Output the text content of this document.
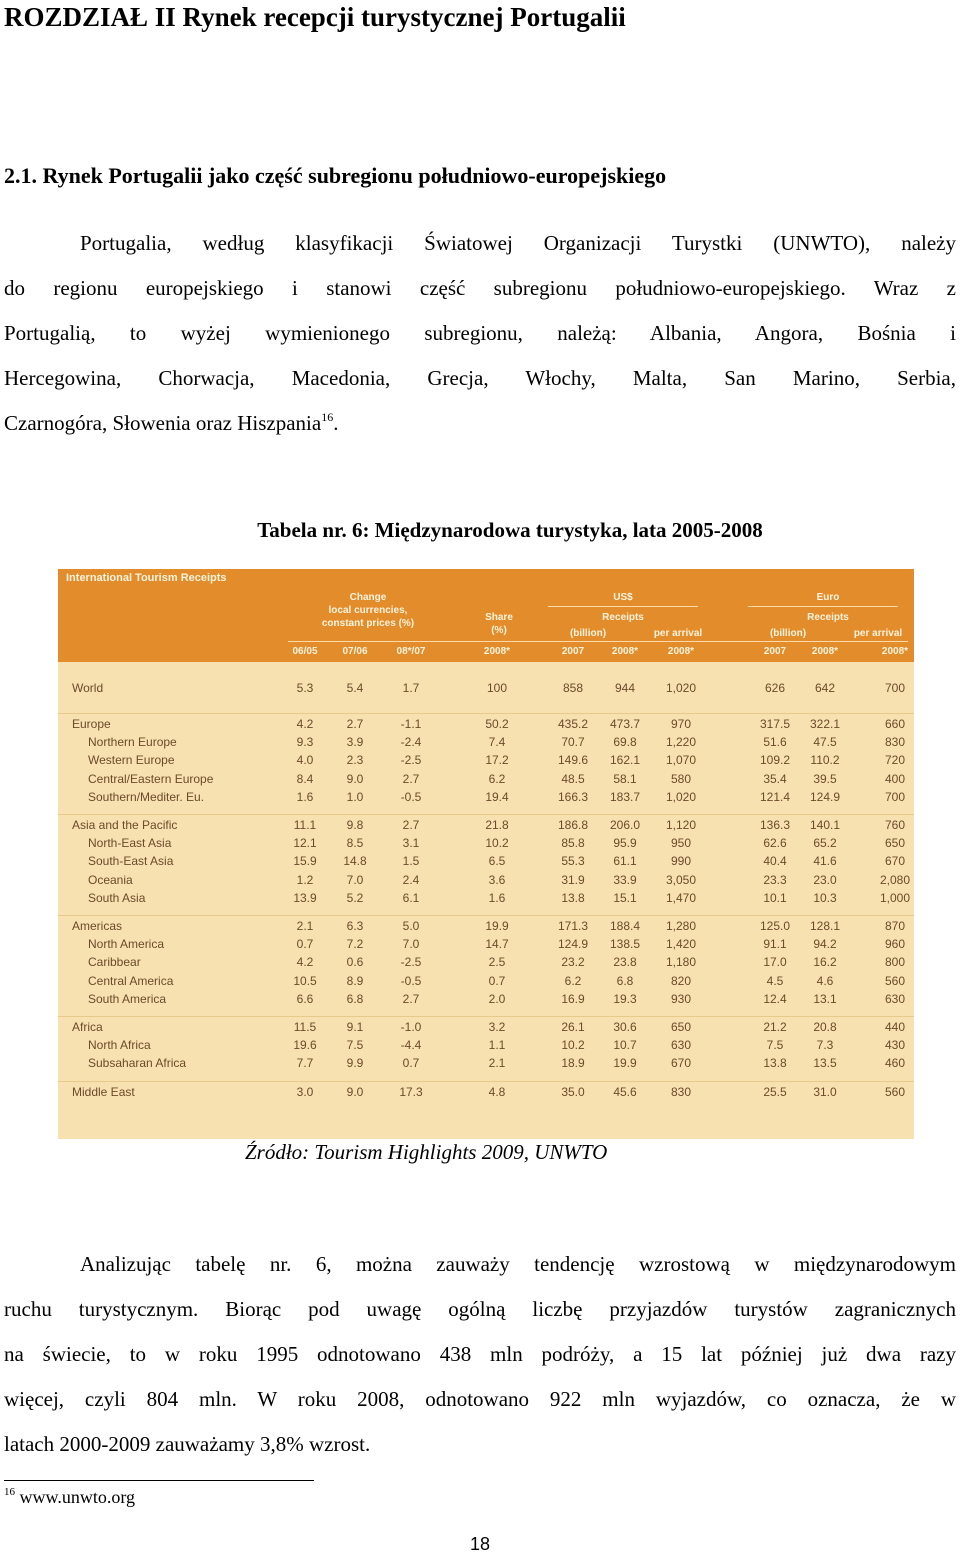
ROZDZIAŁ II Rynek recepcji turystycznej Portugalii
2.1. Rynek Portugalii jako część subregionu południowo-europejskiego
Portugalia, według klasyfikacji Światowej Organizacji Turystki (UNWTO), należy
do regionu europejskiego i stanowi część subregionu południowo-europejskiego. Wraz z
Portugalią, to wyżej wymienionego subregionu, należą: Albania, Angora, Bośnia i
Hercegowina, Chorwacja, Macedonia, Grecja, Włochy, Malta, San Marino, Serbia,
Czarnogóra, Słowenia oraz Hiszpania$^{16}$.
Tabela nr. 6: Międzynarodowa turystyka, lata 2005-2008
International Tourism Receipts
Change
local currencies,
constant prices (%)
Share
(%)
US$
Receipts
(billion)	per arrival
Euro
Receipts
(billion)	per arrival
06/05	07/06	08*/07	2008*	2007	2008*	2008*	2007	2008*	2008*
World	5.3	5.4	1.7	100	858	944	1,020	626	642	700
Europe	4.2	2.7	-1.1	50.2	435.2	473.7	970	317.5	322.1	660
Northern Europe	9.3	3.9	-2.4	7.4	70.7	69.8	1,220	51.6	47.5	830
Western Europe	4.0	2.3	-2.5	17.2	149.6	162.1	1,070	109.2	110.2	720
Central/Eastern Europe	8.4	9.0	2.7	6.2	48.5	58.1	580	35.4	39.5	400
Southern/Mediter. Eu.	1.6	1.0	-0.5	19.4	166.3	183.7	1,020	121.4	124.9	700
Asia and the Pacific	11.1	9.8	2.7	21.8	186.8	206.0	1,120	136.3	140.1	760
North-East Asia	12.1	8.5	3.1	10.2	85.8	95.9	950	62.6	65.2	650
South-East Asia	15.9	14.8	1.5	6.5	55.3	61.1	990	40.4	41.6	670
Oceania	1.2	7.0	2.4	3.6	31.9	33.9	3,050	23.3	23.0	2,080
South Asia	13.9	5.2	6.1	1.6	13.8	15.1	1,470	10.1	10.3	1,000
Americas	2.1	6.3	5.0	19.9	171.3	188.4	1,280	125.0	128.1	870
North America	0.7	7.2	7.0	14.7	124.9	138.5	1,420	91.1	94.2	960
Caribbear	4.2	0.6	-2.5	2.5	23.2	23.8	1,180	17.0	16.2	800
Central America	10.5	8.9	-0.5	0.7	6.2	6.8	820	4.5	4.6	560
South America	6.6	6.8	2.7	2.0	16.9	19.3	930	12.4	13.1	630
Africa	11.5	9.1	-1.0	3.2	26.1	30.6	650	21.2	20.8	440
North Africa	19.6	7.5	-4.4	1.1	10.2	10.7	630	7.5	7.3	430
Subsaharan Africa	7.7	9.9	0.7	2.1	18.9	19.9	670	13.8	13.5	460
Middle East	3.0	9.0	17.3	4.8	35.0	45.6	830	25.5	31.0	560
Źródło: Tourism Highlights 2009, UNWTO
Analizując tabelę nr. 6, można zauważy tendencję wzrostową w międzynarodowym
ruchu turystycznym. Biorąc pod uwagę ogólną liczbę przyjazdów turystów zagranicznych
na świecie, to w roku 1995 odnotowano 438 mln podróży, a 15 lat później już dwa razy
więcej, czyli 804 mln. W roku 2008, odnotowano 922 mln wyjazdów, co oznacza, że w
latach 2000-2009 zauważamy 3,8% wzrost.
$^{16}$ www.unwto.org
18
